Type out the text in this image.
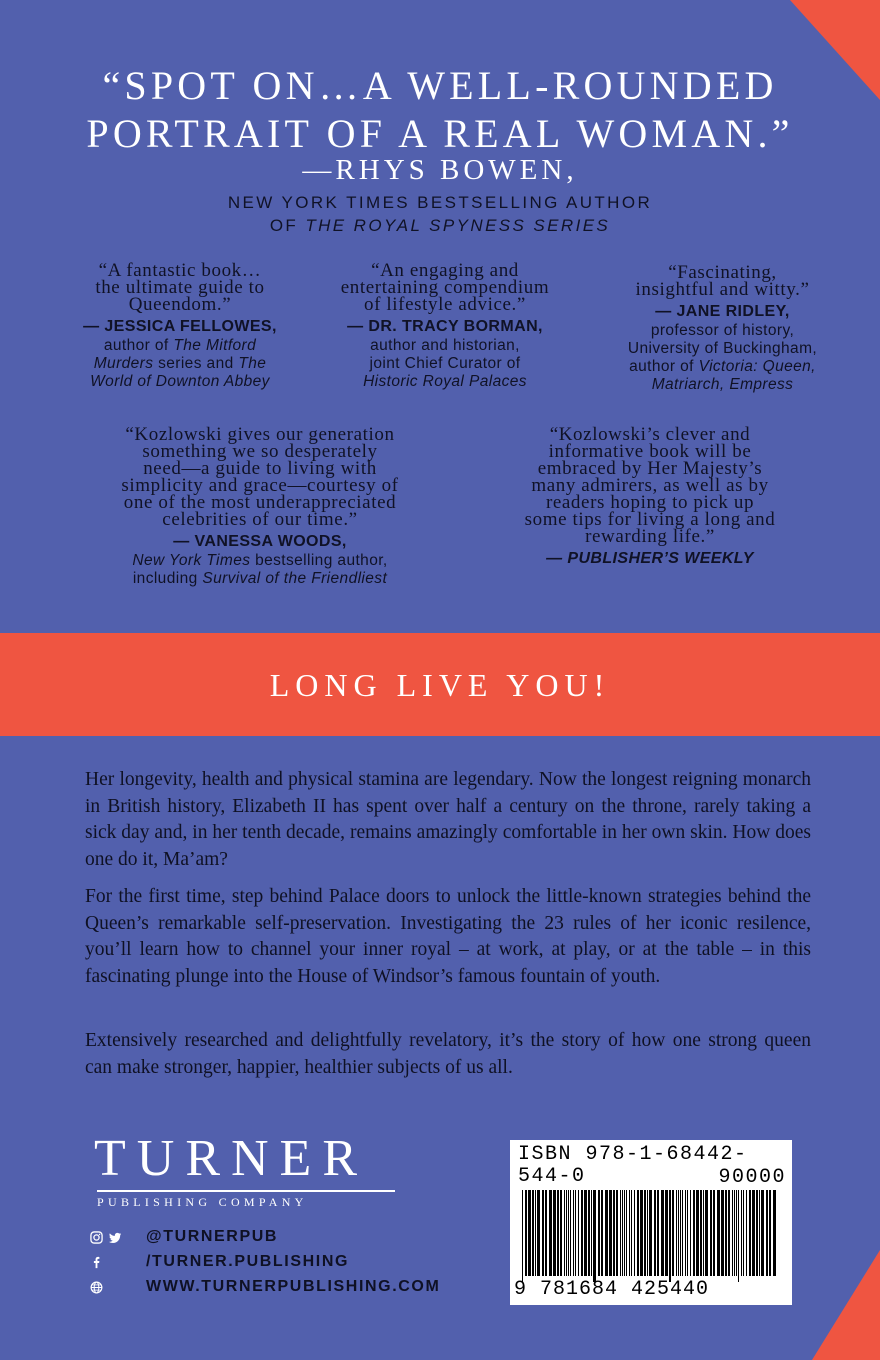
“SPOT ON…A WELL-ROUNDED
PORTRAIT OF A REAL WOMAN.”
—RHYS BOWEN,
NEW YORK TIMES BESTSELLING AUTHOR
OF THE ROYAL SPYNESS SERIES
“A fantastic book…
the ultimate guide to
Queendom.”
— JESSICA FELLOWES,
author of The Mitford
Murders series and The
World of Downton Abbey
“An engaging and
entertaining compendium
of lifestyle advice.”
— DR. TRACY BORMAN,
author and historian,
joint Chief Curator of
Historic Royal Palaces
“Fascinating,
insightful and witty.”
— JANE RIDLEY,
professor of history,
University of Buckingham,
author of Victoria: Queen,
Matriarch, Empress
“Kozlowski gives our generation
something we so desperately
need—a guide to living with
simplicity and grace—courtesy of
one of the most underappreciated
celebrities of our time.”
— VANESSA WOODS,
New York Times bestselling author,
including Survival of the Friendliest
“Kozlowski’s clever and
informative book will be
embraced by Her Majesty’s
many admirers, as well as by
readers hoping to pick up
some tips for living a long and
rewarding life.”
— PUBLISHER’S WEEKLY
LONG LIVE YOU!
Her longevity, health and physical stamina are legendary. Now the longest reigning monarch in British history, Elizabeth II has spent over half a century on the throne, rarely taking a sick day and, in her tenth decade, remains amazingly comfortable in her own skin. How does one do it, Ma’am?
For the first time, step behind Palace doors to unlock the little-known strategies behind the Queen’s remarkable self-preservation. Investigating the 23 rules of her iconic resilence, you’ll learn how to channel your inner royal – at work, at play, or at the table – in this fascinating plunge into the House of Windsor’s famous fountain of youth.
Extensively researched and delightfully revelatory, it’s the story of how one strong queen can make stronger, happier, healthier subjects of us all.
TURNER
PUBLISHING COMPANY
@TURNERPUB
/TURNER.PUBLISHING
WWW.TURNERPUBLISHING.COM
ISBN 978-1-68442-544-0	90000
9 781684 425440
